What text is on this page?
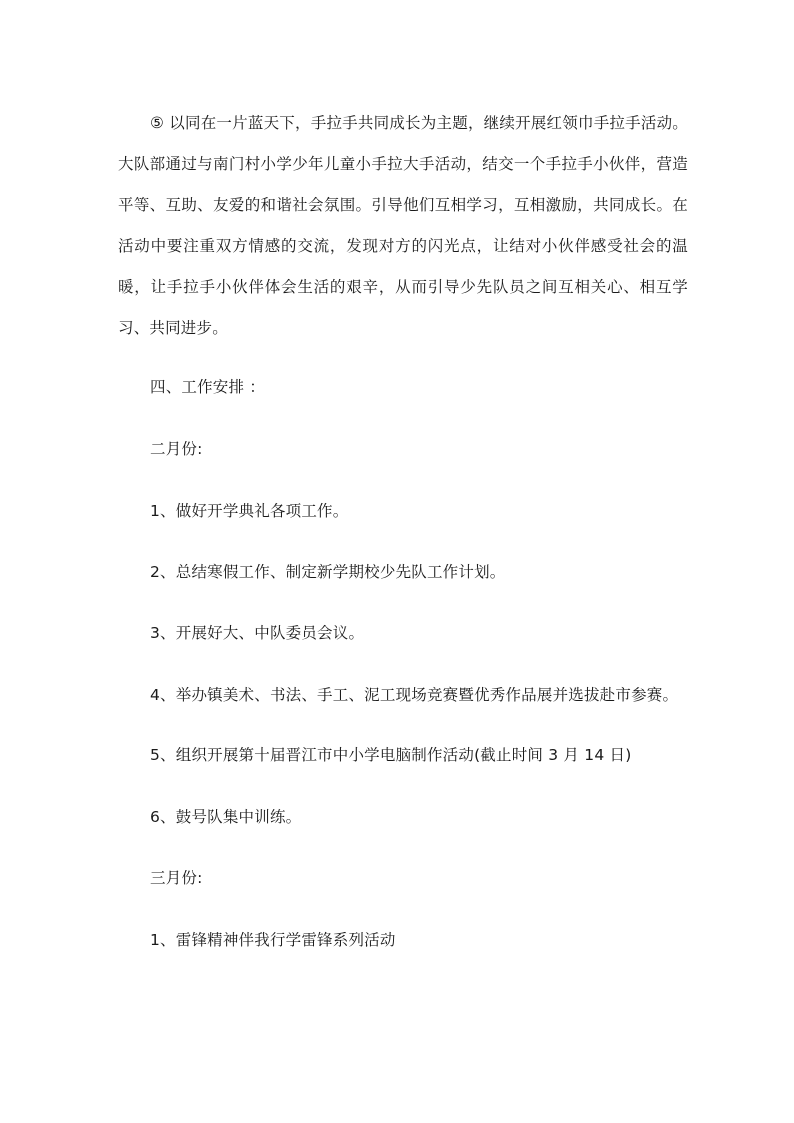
⑤ 以同在一片蓝天下，手拉手共同成长为主题，继续开展红领巾手拉手活动。大队部通过与南门村小学少年儿童小手拉大手活动，结交一个手拉手小伙伴，营造平等、互助、友爱的和谐社会氛围。引导他们互相学习，互相激励，共同成长。在活动中要注重双方情感的交流，发现对方的闪光点，让结对小伙伴感受社会的温暖，让手拉手小伙伴体会生活的艰辛，从而引导少先队员之间互相关心、相互学习、共同进步。

四、工作安排 ：

二月份:

1、做好开学典礼各项工作。

2、总结寒假工作、制定新学期校少先队工作计划。

3、开展好大、中队委员会议。

4、举办镇美术、书法、手工、泥工现场竞赛暨优秀作品展并选拔赴市参赛。

5、组织开展第十届晋江市中小学电脑制作活动(截止时间 3 月 14 日)

6、鼓号队集中训练。

三月份:

1、雷锋精神伴我行学雷锋系列活动
